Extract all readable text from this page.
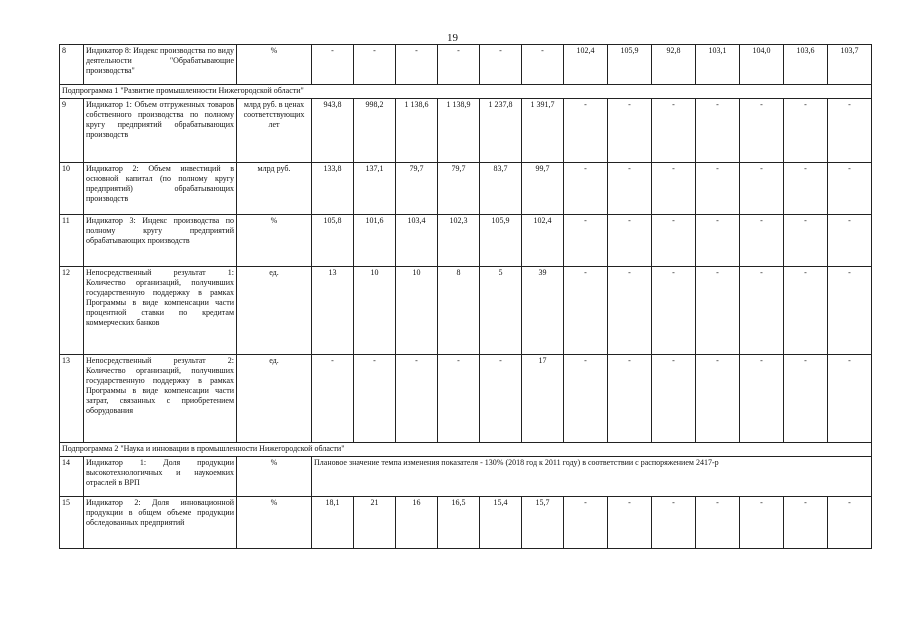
19
8	Индикатор 8: Индекс производства по виду деятельности "Обрабатывающие производства"	%	-	-	-	-	-	-	102,4	105,9	92,8	103,1	104,0	103,6	103,7
Подпрограмма 1 "Развитие промышленности Нижегородской области"															
9	Индикатор 1: Объем отгруженных товаров собственного производства по полному кругу предприятий обрабатывающих производств	млрд руб. в ценах соответствующих лет	943,8	998,2	1 138,6	1 138,9	1 237,8	1 391,7	-	-	-	-	-	-	-
10	Индикатор 2: Объем инвестиций в основной капитал (по полному кругу предприятий) обрабатывающих производств	млрд руб.	133,8	137,1	79,7	79,7	83,7	99,7	-	-	-	-	-	-	-
11	Индикатор 3: Индекс производства по полному кругу предприятий обрабатывающих производств	%	105,8	101,6	103,4	102,3	105,9	102,4	-	-	-	-	-	-	-
12	Непосредственный результат 1: Количество организаций, получивших государственную поддержку в рамках Программы в виде компенсации части процентной ставки по кредитам коммерческих банков	ед.	13	10	10	8	5	39	-	-	-	-	-	-	-
13	Непосредственный результат 2: Количество организаций, получивших государственную поддержку в рамках Программы в виде компенсации части затрат, связанных с приобретением оборудования	ед.	-	-	-	-	-	17	-	-	-	-	-	-	-
Подпрограмма 2 "Наука и инновации в промышленности Нижегородской области"															
14	Индикатор 1: Доля продукции высокотехнологичных и наукоемких отраслей в ВРП	%	Плановое значение темпа изменения показателя - 130% (2018 год к 2011 году) в соответствии с распоряжением 2417-р												
15	Индикатор 2: Доля инновационной продукции в общем объеме продукции обследованных предприятий	%	18,1	21	16	16,5	15,4	15,7	-	-	-	-	-	-	-
